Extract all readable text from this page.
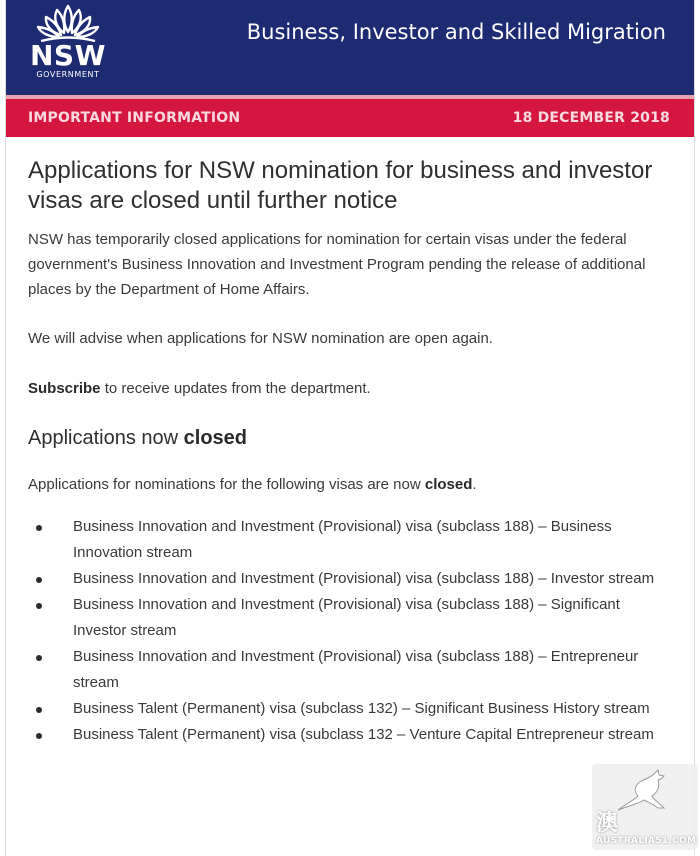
NSW
GOVERNMENT
Business, Investor and Skilled Migration
IMPORTANT INFORMATION	18 DECEMBER 2018
Applications for NSW nomination for business and investor visas are closed until further notice

NSW has temporarily closed applications for nomination for certain visas under the federal government's Business Innovation and Investment Program pending the release of additional places by the Department of Home Affairs.

We will advise when applications for NSW nomination are open again.

Subscribe to receive updates from the department.

Applications now closed

Applications for nominations for the following visas are now closed.

Business Innovation and Investment (Provisional) visa (subclass 188) – Business Innovation stream
Business Innovation and Investment (Provisional) visa (subclass 188) – Investor stream
Business Innovation and Investment (Provisional) visa (subclass 188) – Significant Investor stream
Business Innovation and Investment (Provisional) visa (subclass 188) – Entrepreneur stream
Business Talent (Permanent) visa (subclass 132) – Significant Business History stream
Business Talent (Permanent) visa (subclass 132 – Venture Capital Entrepreneur stream
澳
AUSTRALIA51.COM
